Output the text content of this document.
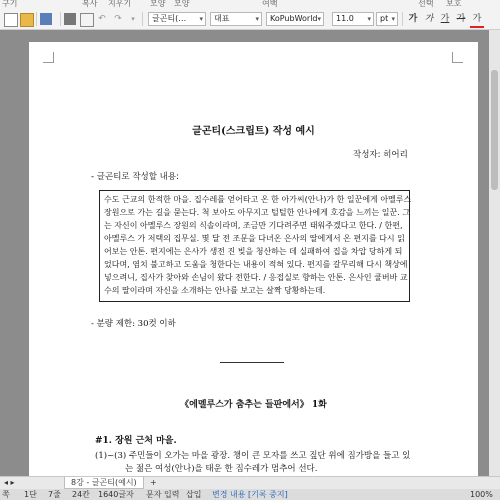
구기	복사 지우기 모양 모양	여백	선택 보호
↶ ↷	▾	글곤티(… ▾	대표	▾	KoPubWorld ▾	11.0 ▾	pt ▾ 가 가 가 가 가
글곤티(스크립트) 작성 예시
작성자: 히어리
- 글곤티로 작성할 내용:

수도 근교의 한적한 마을. 집수레를 얻어타고 온 한 아가씨(안나)가 한 일꾼에게 아멜루스

장원으로 가는 길을 묻는다. 척 보아도 아무지고 털털한 안나에게 호감을 느끼는 일꾼. 그

는 자신이 아멜루스 장원의 식솔이라며, 조금만 기다려주면 태워주겠다고 한다. / 한편,

아멜루스 가 저택의 집무실. 몇 달 전 조문을 다녀온 은사의 딸에게서 온 편지를 다시 읽

어보는 안톤. 편지에는 은사가 생전 진 빚을 청산하는 데 실패하여 집을 차압 당하게 되

었다며, 염치 불고하고 도움을 청한다는 내용이 적혀 있다. 편지를 갈무리해 다시 책상에

넣으려니, 집사가 찾아와 손님이 왔다 전한다. / 응접실로 향하는 안톤. 은사인 쿨버바 교

수의 딸이라며 자신을 소개하는 안나를 보고는 살짝 당황하는데.

- 분량 제한: 30컷 이하
《에멜루스가 춤추는 들판에서》 1화
#1. 장원 근처 마을.
(1)~(3) 주민들이 오가는 마을 광장. 챙이 큰 모자를 쓰고 짚단 위에 짐가방을 들고 있
는 젊은 여성(안나)을 태운 한 짐수레가 멈추어 선다.
◂ ▸	8강 - 글곤티(예시)	+
쪽 1단 7줄 24칸 1640글자 문자 입력 삽입 변경 내용 [기록 중지]	100%
